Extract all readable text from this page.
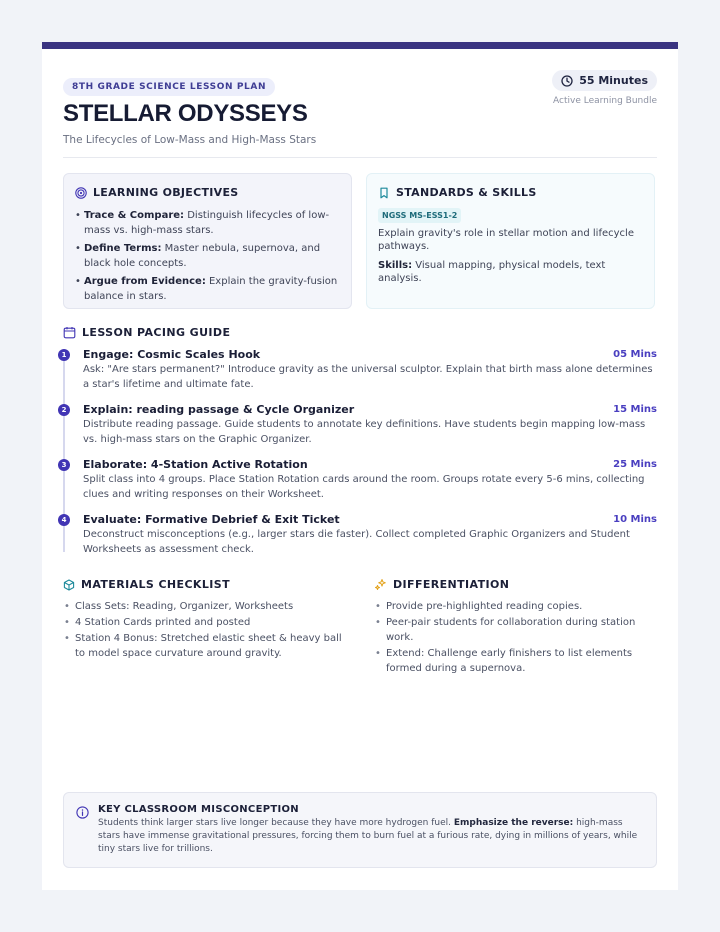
8TH GRADE SCIENCE LESSON PLAN
STELLAR ODYSSEYS
The Lifecycles of Low-Mass and High-Mass Stars
55 Minutes
Active Learning Bundle
LEARNING OBJECTIVES
• Trace & Compare: Distinguish lifecycles of low-mass vs. high-mass stars.
• Define Terms: Master nebula, supernova, and black hole concepts.
• Argue from Evidence: Explain the gravity-fusion balance in stars.
STANDARDS & SKILLS
NGSS MS-ESS1-2
Explain gravity's role in stellar motion and lifecycle pathways.
Skills: Visual mapping, physical models, text analysis.
LESSON PACING GUIDE
1	Engage: Cosmic Scales Hook	05 Mins
Ask: "Are stars permanent?" Introduce gravity as the universal sculptor. Explain that birth mass alone determines a star's lifetime and ultimate fate.
2	Explain: reading passage & Cycle Organizer	15 Mins
Distribute reading passage. Guide students to annotate key definitions. Have students begin mapping low-mass vs. high-mass stars on the Graphic Organizer.
3	Elaborate: 4-Station Active Rotation	25 Mins
Split class into 4 groups. Place Station Rotation cards around the room. Groups rotate every 5-6 mins, collecting clues and writing responses on their Worksheet.
4	Evaluate: Formative Debrief & Exit Ticket	10 Mins
Deconstruct misconceptions (e.g., larger stars die faster). Collect completed Graphic Organizers and Student Worksheets as assessment check.
MATERIALS CHECKLIST
• Class Sets: Reading, Organizer, Worksheets
• 4 Station Cards printed and posted
• Station 4 Bonus: Stretched elastic sheet & heavy ball to model space curvature around gravity.
DIFFERENTIATION
• Provide pre-highlighted reading copies.
• Peer-pair students for collaboration during station work.
• Extend: Challenge early finishers to list elements formed during a supernova.
KEY CLASSROOM MISCONCEPTION
Students think larger stars live longer because they have more hydrogen fuel. Emphasize the reverse: high-mass stars have immense gravitational pressures, forcing them to burn fuel at a furious rate, dying in millions of years, while tiny stars live for trillions.
